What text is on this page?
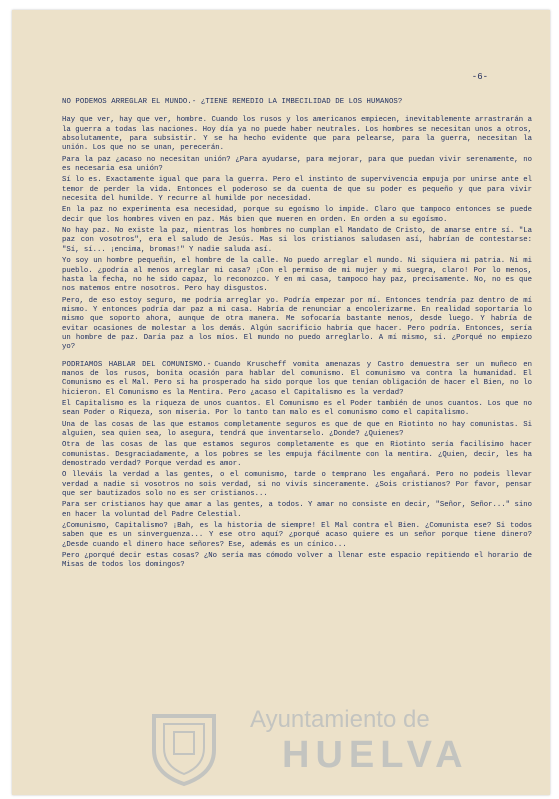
-6-
NO PODEMOS ARREGLAR EL MUNDO.- ¿TIENE REMEDIO LA IMBECILIDAD DE LOS HUMANOS?

Hay que ver, hay que ver, hombre. Cuando los rusos y los americanos empiecen, inevitablemente arrastrarán a la guerra a todas las naciones. Hoy día ya no puede haber neutrales. Los hombres se necesitan unos a otros, absolutamente, para subsistir. Y se ha hecho evidente que para pelearse, para la guerra, necesitan la unión. Los que no se unan, perecerán.

Para la paz ¿acaso no necesitan unión? ¿Para ayudarse, para mejorar, para que puedan vivir serenamente, no es necesaria esa unión?

Sí lo es. Exactamente igual que para la guerra. Pero el instinto de supervivencia empuja por unirse ante el temor de perder la vida. Entonces el poderoso se da cuenta de que su poder es pequeño y que para vivir necesita del humilde. Y recurre al humilde por necesidad.

En la paz no experimenta esa necesidad, porque su egoísmo lo impide. Claro que tampoco entonces se puede decir que los hombres viven en paz. Más bien que mueren en orden. En orden a su egoísmo.

No hay paz. No existe la paz, mientras los hombres no cumplan el Mandato de Cristo, de amarse entre sí. "La paz con vosotros", era el saludo de Jesús. Mas si los cristianos saludasen así, habrían de contestarse: "Sí, sí... ¡encima, bromas!" Y nadie saluda así.

Yo soy un hombre pequeñín, el hombre de la calle. No puedo arreglar el mundo. Ni siquiera mi patria. Ni mi pueblo. ¿podría al menos arreglar mi casa? ¡Con el permiso de mi mujer y mi suegra, claro! Por lo menos, hasta la fecha, no he sido capaz, lo reconozco. Y en mi casa, tampoco hay paz, precisamente. No, no es que nos matemos entre nosotros. Pero hay disgustos.

Pero, de eso estoy seguro, me podría arreglar yo. Podría empezar por mí. Entonces tendría paz dentro de mí mismo. Y entonces podría dar paz a mi casa. Habría de renunciar a encolerizarme. En realidad soportaría lo mismo que soporto ahora, aunque de otra manera. Me sofocaría bastante menos, desde luego. Y habría de evitar ocasiones de molestar a los demás. Algún sacrificio habría que hacer. Pero podría. Entonces, sería un hombre de paz. Daría paz a los míos. El mundo no puedo arreglarlo. A mí mismo, sí. ¿Porqué no empiezo yo?

PODRIAMOS HABLAR DEL COMUNISMO.- Cuando Kruscheff vomita amenazas y Castro demuestra ser un muñeco en manos de los rusos, bonita ocasión para hablar del comunismo. El comunismo va contra la humanidad. El Comunismo es el Mal. Pero si ha prosperado ha sido porque los que tenían obligación de hacer el Bien, no lo hicieron. El Comunismo es la Mentira. Pero ¿acaso el Capitalismo es la verdad?

El Capitalismo es la riqueza de unos cuantos. El Comunismo es el Poder también de unos cuantos. Los que no sean Poder o Riqueza, son miseria. Por lo tanto tan malo es el comunismo como el capitalismo.

Una de las cosas de las que estamos completamente seguros es que de que en Riotinto no hay comunistas. Si alguien, sea quien sea, lo asegura, tendrá que inventarselo. ¿Donde? ¿Quienes?

Otra de las cosas de las que estamos seguros completamente es que en Riotinto sería facilísimo hacer comunistas. Desgraciadamente, a los pobres se les empuja fácilmente con la mentira. ¿Quien, decir, les ha demostrado verdad? Porque verdad es amor.

O lleváis la verdad a las gentes, o el comunismo, tarde o temprano les engañará. Pero no podeis llevar verdad a nadie si vosotros no sois verdad, si no vivís sinceramente. ¿Sois cristianos? Por favor, pensar que ser bautizados solo no es ser cristianos...

Para ser cristianos hay que amar a las gentes, a todos. Y amar no consiste en decir, "Señor, Señor..." sino en hacer la voluntad del Padre Celestial.

¿Comunismo, Capitalismo? ¡Bah, es la historia de siempre! El Mal contra el Bien. ¿Comunista ese? Si todos saben que es un sinverguenza... Y ese otro aquí? ¿porqué acaso quiere es un señor porque tiene dinero? ¿Desde cuando el dinero hace señores? Ese, además es un cínico...

Pero ¿porqué decir estas cosas? ¿No sería mas cómodo volver a llenar este espacio repitiendo el horario de Misas de todos los domingos?

Ayuntamiento de
HUELVA
